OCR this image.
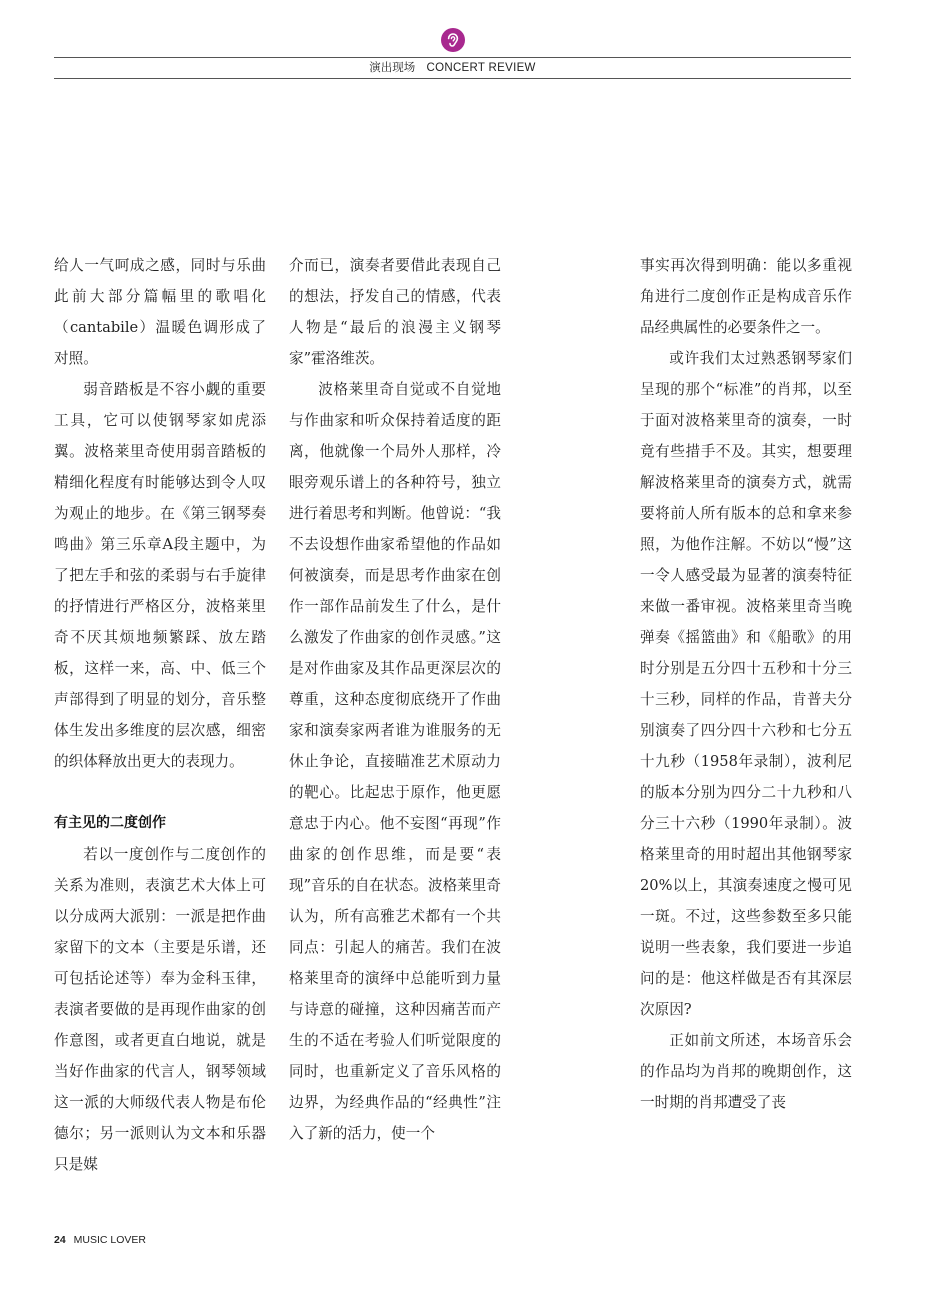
演出现场 CONCERT REVIEW

给人一气呵成之感，同时与乐曲此前大部分篇幅里的歌唱化（cantabile）温暖色调形成了对照。

弱音踏板是不容小觑的重要工具，它可以使钢琴家如虎添翼。波格莱里奇使用弱音踏板的精细化程度有时能够达到令人叹为观止的地步。在《第三钢琴奏鸣曲》第三乐章A段主题中，为了把左手和弦的柔弱与右手旋律的抒情进行严格区分，波格莱里奇不厌其烦地频繁踩、放左踏板，这样一来，高、中、低三个声部得到了明显的划分，音乐整体生发出多维度的层次感，细密的织体释放出更大的表现力。

有主见的二度创作

若以一度创作与二度创作的关系为准则，表演艺术大体上可以分成两大派别：一派是把作曲家留下的文本（主要是乐谱，还可包括论述等）奉为金科玉律，表演者要做的是再现作曲家的创作意图，或者更直白地说，就是当好作曲家的代言人，钢琴领域这一派的大师级代表人物是布伦德尔；另一派则认为文本和乐器只是媒

介而已，演奏者要借此表现自己的想法，抒发自己的情感，代表人物是“最后的浪漫主义钢琴家”霍洛维茨。

波格莱里奇自觉或不自觉地与作曲家和听众保持着适度的距离，他就像一个局外人那样，冷眼旁观乐谱上的各种符号，独立进行着思考和判断。他曾说：“我不去设想作曲家希望他的作品如何被演奏，而是思考作曲家在创作一部作品前发生了什么，是什么激发了作曲家的创作灵感。”这是对作曲家及其作品更深层次的尊重，这种态度彻底绕开了作曲家和演奏家两者谁为谁服务的无休止争论，直接瞄准艺术原动力的靶心。比起忠于原作，他更愿意忠于内心。他不妄图“再现”作曲家的创作思维，而是要“表现”音乐的自在状态。波格莱里奇认为，所有高雅艺术都有一个共同点：引起人的痛苦。我们在波格莱里奇的演绎中总能听到力量与诗意的碰撞，这种因痛苦而产生的不适在考验人们听觉限度的同时，也重新定义了音乐风格的边界，为经典作品的“经典性”注入了新的活力，使一个

事实再次得到明确：能以多重视角进行二度创作正是构成音乐作品经典属性的必要条件之一。

或许我们太过熟悉钢琴家们呈现的那个“标准”的肖邦，以至于面对波格莱里奇的演奏，一时竟有些措手不及。其实，想要理解波格莱里奇的演奏方式，就需要将前人所有版本的总和拿来参照，为他作注解。不妨以“慢”这一令人感受最为显著的演奏特征来做一番审视。波格莱里奇当晚弹奏《摇篮曲》和《船歌》的用时分别是五分四十五秒和十分三十三秒，同样的作品，肯普夫分别演奏了四分四十六秒和七分五十九秒（1958年录制），波利尼的版本分别为四分二十九秒和八分三十六秒（1990年录制）。波格莱里奇的用时超出其他钢琴家20%以上，其演奏速度之慢可见一斑。不过，这些参数至多只能说明一些表象，我们要进一步追问的是：他这样做是否有其深层次原因?

正如前文所述，本场音乐会的作品均为肖邦的晚期创作，这一时期的肖邦遭受了丧

24 MUSIC LOVER
